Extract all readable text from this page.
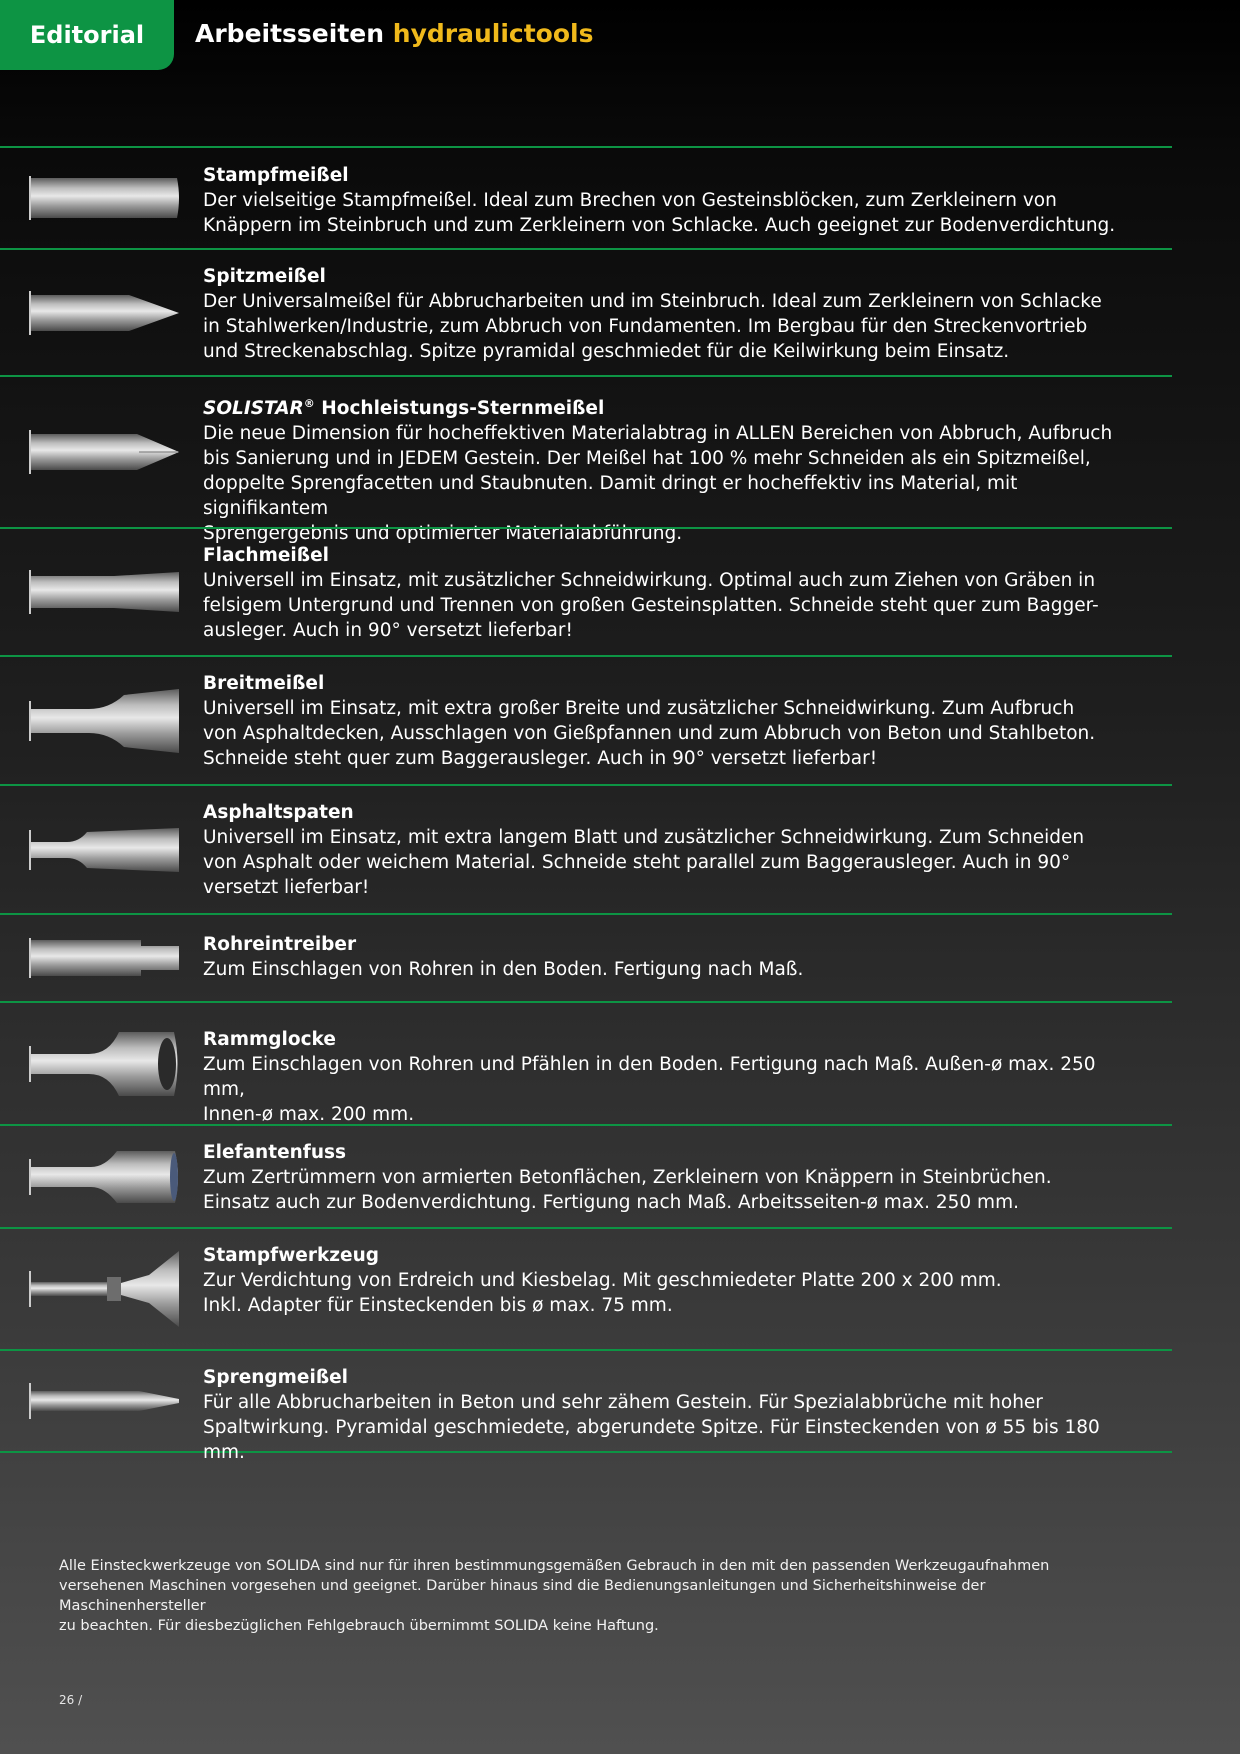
Editorial Arbeitsseiten hydraulictools
Stampfmeißel
Der vielseitige Stampfmeißel. Ideal zum Brechen von Gesteinsblöcken, zum Zerkleinern von
Knäppern im Steinbruch und zum Zerkleinern von Schlacke. Auch geeignet zur Bodenverdichtung.
Spitzmeißel
Der Universalmeißel für Abbrucharbeiten und im Steinbruch. Ideal zum Zerkleinern von Schlacke
in Stahlwerken/Industrie, zum Abbruch von Fundamenten. Im Bergbau für den Streckenvortrieb
und Streckenabschlag. Spitze pyramidal geschmiedet für die Keilwirkung beim Einsatz.
SOLISTAR® Hochleistungs-Sternmeißel
Die neue Dimension für hocheffektiven Materialabtrag in ALLEN Bereichen von Abbruch, Aufbruch
bis Sanierung und in JEDEM Gestein. Der Meißel hat 100 % mehr Schneiden als ein Spitzmeißel,
doppelte Sprengfacetten und Staubnuten. Damit dringt er hocheffektiv ins Material, mit signifikantem
Sprengergebnis und optimierter Materialabführung.
Flachmeißel
Universell im Einsatz, mit zusätzlicher Schneidwirkung. Optimal auch zum Ziehen von Gräben in
felsigem Untergrund und Trennen von großen Gesteinsplatten. Schneide steht quer zum Bagger-
ausleger. Auch in 90° versetzt lieferbar!
Breitmeißel
Universell im Einsatz, mit extra großer Breite und zusätzlicher Schneidwirkung. Zum Aufbruch
von Asphaltdecken, Ausschlagen von Gießpfannen und zum Abbruch von Beton und Stahlbeton.
Schneide steht quer zum Baggerausleger. Auch in 90° versetzt lieferbar!
Asphaltspaten
Universell im Einsatz, mit extra langem Blatt und zusätzlicher Schneidwirkung. Zum Schneiden
von Asphalt oder weichem Material. Schneide steht parallel zum Baggerausleger. Auch in 90°
versetzt lieferbar!
Rohreintreiber
Zum Einschlagen von Rohren in den Boden. Fertigung nach Maß.
Rammglocke
Zum Einschlagen von Rohren und Pfählen in den Boden. Fertigung nach Maß. Außen-ø max. 250 mm,
Innen-ø max. 200 mm.
Elefantenfuss
Zum Zertrümmern von armierten Betonflächen, Zerkleinern von Knäppern in Steinbrüchen.
Einsatz auch zur Bodenverdichtung. Fertigung nach Maß. Arbeitsseiten-ø max. 250 mm.
Stampfwerkzeug
Zur Verdichtung von Erdreich und Kiesbelag. Mit geschmiedeter Platte 200 x 200 mm.
Inkl. Adapter für Einsteckenden bis ø max. 75 mm.
Sprengmeißel
Für alle Abbrucharbeiten in Beton und sehr zähem Gestein. Für Spezialabbrüche mit hoher
Spaltwirkung. Pyramidal geschmiedete, abgerundete Spitze. Für Einsteckenden von ø 55 bis 180 mm.
Alle Einsteckwerkzeuge von SOLIDA sind nur für ihren bestimmungsgemäßen Gebrauch in den mit den passenden Werkzeugaufnahmen
versehenen Maschinen vorgesehen und geeignet. Darüber hinaus sind die Bedienungsanleitungen und Sicherheitshinweise der Maschinenhersteller
zu beachten. Für diesbezüglichen Fehlgebrauch übernimmt SOLIDA keine Haftung.
26 /
